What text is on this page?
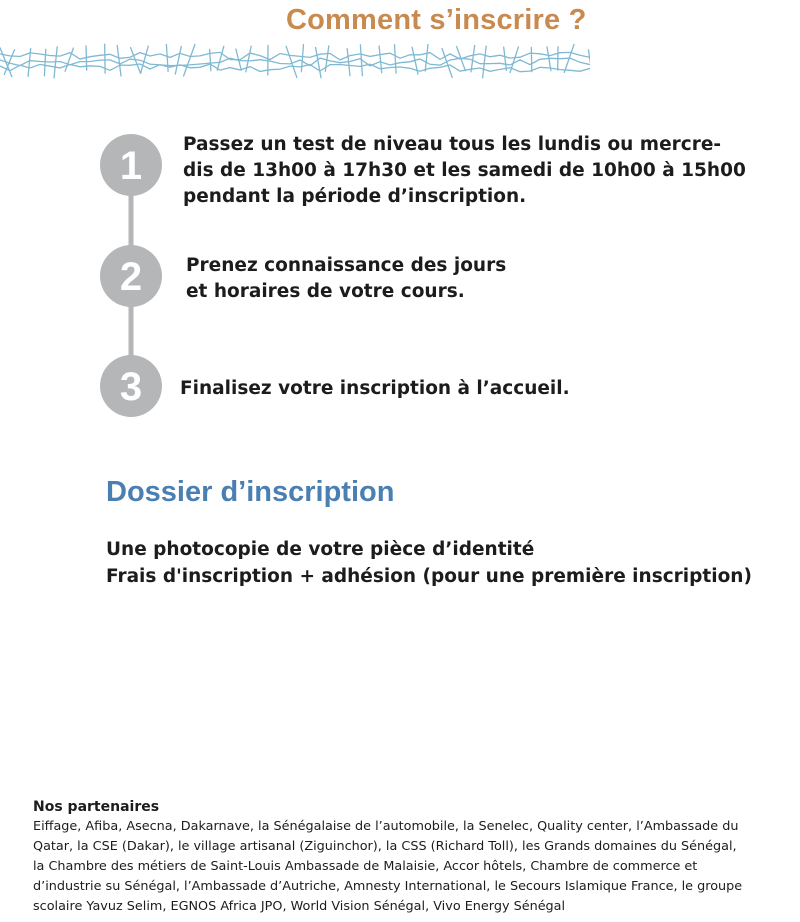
Comment s’inscrire ?
1
2
3
Passez un test de niveau tous les lundis ou mercre-
dis de 13h00 à 17h30 et les samedi de 10h00 à 15h00
pendant la période d’inscription.
Prenez connaissance des jours
et horaires de votre cours.
Finalisez votre inscription à l’accueil.
Dossier d’inscription
Une photocopie de votre pièce d’identité
Frais d'inscription + adhésion (pour une première inscription)

Nos partenaires

Eiffage, Afiba, Asecna, Dakarnave, la Sénégalaise de l’automobile, la Senelec, Quality center, l’Ambassade du

Qatar, la CSE (Dakar), le village artisanal (Ziguinchor), la CSS (Richard Toll), les Grands domaines du Sénégal,

la Chambre des métiers de Saint-Louis Ambassade de Malaisie, Accor hôtels, Chambre de commerce et

d’industrie su Sénégal, l’Ambassade d’Autriche, Amnesty International, le Secours Islamique France, le groupe

scolaire Yavuz Selim, EGNOS Africa JPO, World Vision Sénégal, Vivo Energy Sénégal
